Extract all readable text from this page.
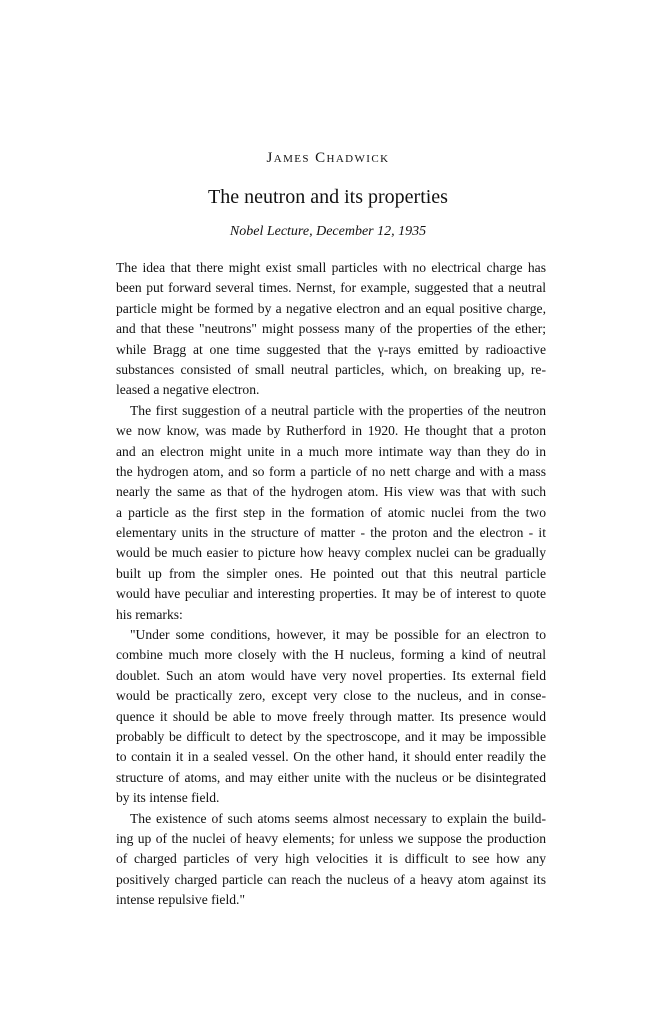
James Chadwick
The neutron and its properties
Nobel Lecture, December 12, 1935
The idea that there might exist small particles with no electrical charge has
been put forward several times. Nernst, for example, suggested that a neutral
particle might be formed by a negative electron and an equal positive charge,
and that these "neutrons" might possess many of the properties of the ether;
while Bragg at one time suggested that the γ-rays emitted by radioactive
substances consisted of small neutral particles, which, on breaking up, re-
leased a negative electron.
The first suggestion of a neutral particle with the properties of the neutron
we now know, was made by Rutherford in 1920. He thought that a proton
and an electron might unite in a much more intimate way than they do in
the hydrogen atom, and so form a particle of no nett charge and with a mass
nearly the same as that of the hydrogen atom. His view was that with such
a particle as the first step in the formation of atomic nuclei from the two
elementary units in the structure of matter - the proton and the electron - it
would be much easier to picture how heavy complex nuclei can be gradually
built up from the simpler ones. He pointed out that this neutral particle
would have peculiar and interesting properties. It may be of interest to quote
his remarks:
"Under some conditions, however, it may be possible for an electron to
combine much more closely with the H nucleus, forming a kind of neutral
doublet. Such an atom would have very novel properties. Its external field
would be practically zero, except very close to the nucleus, and in conse-
quence it should be able to move freely through matter. Its presence would
probably be difficult to detect by the spectroscope, and it may be impossible
to contain it in a sealed vessel. On the other hand, it should enter readily the
structure of atoms, and may either unite with the nucleus or be disintegrated
by its intense field.
The existence of such atoms seems almost necessary to explain the build-
ing up of the nuclei of heavy elements; for unless we suppose the production
of charged particles of very high velocities it is difficult to see how any
positively charged particle can reach the nucleus of a heavy atom against its
intense repulsive field."
